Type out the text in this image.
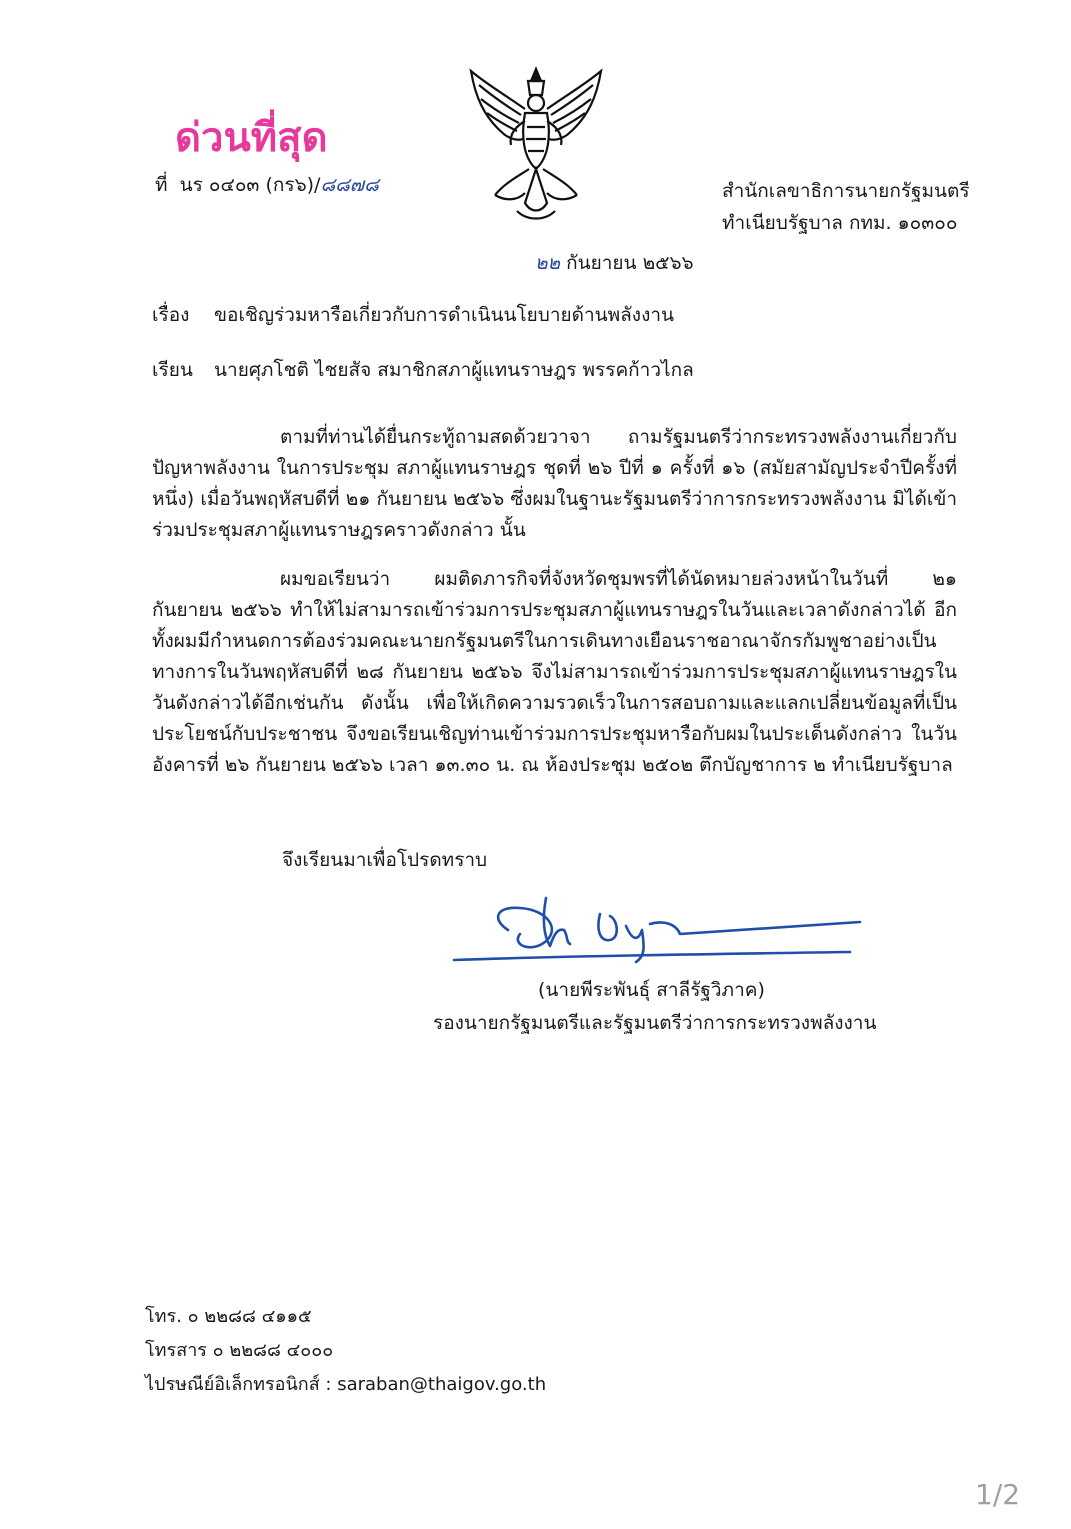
ด่วนที่สุด
ที่ นร ๐๔๐๓ (กร๖)/๘๘๗๘	สำนักเลขาธิการนายกรัฐมนตรี
ทำเนียบรัฐบาล กทม. ๑๐๓๐๐
๒๒ กันยายน ๒๕๖๖
เรื่อง ขอเชิญร่วมหารือเกี่ยวกับการดำเนินนโยบายด้านพลังงาน
เรียน นายศุภโชติ ไชยสัจ สมาชิกสภาผู้แทนราษฎร พรรคก้าวไกล
ตามที่ท่านได้ยื่นกระทู้ถามสดด้วยวาจา ถามรัฐมนตรีว่ากระทรวงพลังงานเกี่ยวกับปัญหาพลังงาน ในการประชุม สภาผู้แทนราษฎร ชุดที่ ๒๖ ปีที่ ๑ ครั้งที่ ๑๖ (สมัยสามัญประจำปีครั้งที่หนึ่ง) เมื่อวันพฤหัสบดีที่ ๒๑ กันยายน ๒๕๖๖ ซึ่งผมในฐานะรัฐมนตรีว่าการกระทรวงพลังงาน มิได้เข้าร่วมประชุมสภาผู้แทนราษฎรคราวดังกล่าว นั้น
ผมขอเรียนว่า ผมติดภารกิจที่จังหวัดชุมพรที่ได้นัดหมายล่วงหน้าในวันที่ ๒๑ กันยายน ๒๕๖๖ ทำให้ไม่สามารถเข้าร่วมการประชุมสภาผู้แทนราษฎรในวันและเวลาดังกล่าวได้ อีกทั้งผมมีกำหนดการต้องร่วมคณะนายกรัฐมนตรีในการเดินทางเยือนราชอาณาจักรกัมพูชาอย่างเป็นทางการในวันพฤหัสบดีที่ ๒๘ กันยายน ๒๕๖๖ จึงไม่สามารถเข้าร่วมการประชุมสภาผู้แทนราษฎรในวันดังกล่าวได้อีกเช่นกัน ดังนั้น เพื่อให้เกิดความรวดเร็วในการสอบถามและแลกเปลี่ยนข้อมูลที่เป็นประโยชน์กับประชาชน จึงขอเรียนเชิญท่านเข้าร่วมการประชุมหารือกับผมในประเด็นดังกล่าว ในวันอังคารที่ ๒๖ กันยายน ๒๕๖๖ เวลา ๑๓.๓๐ น. ณ ห้องประชุม ๒๕๐๒ ตึกบัญชาการ ๒ ทำเนียบรัฐบาล
จึงเรียนมาเพื่อโปรดทราบ
(นายพีระพันธุ์ สาลีรัฐวิภาค)
รองนายกรัฐมนตรีและรัฐมนตรีว่าการกระทรวงพลังงาน
โทร. ๐ ๒๒๘๘ ๔๑๑๕
โทรสาร ๐ ๒๒๘๘ ๔๐๐๐
ไปรษณีย์อิเล็กทรอนิกส์ : saraban@thaigov.go.th
1/2
